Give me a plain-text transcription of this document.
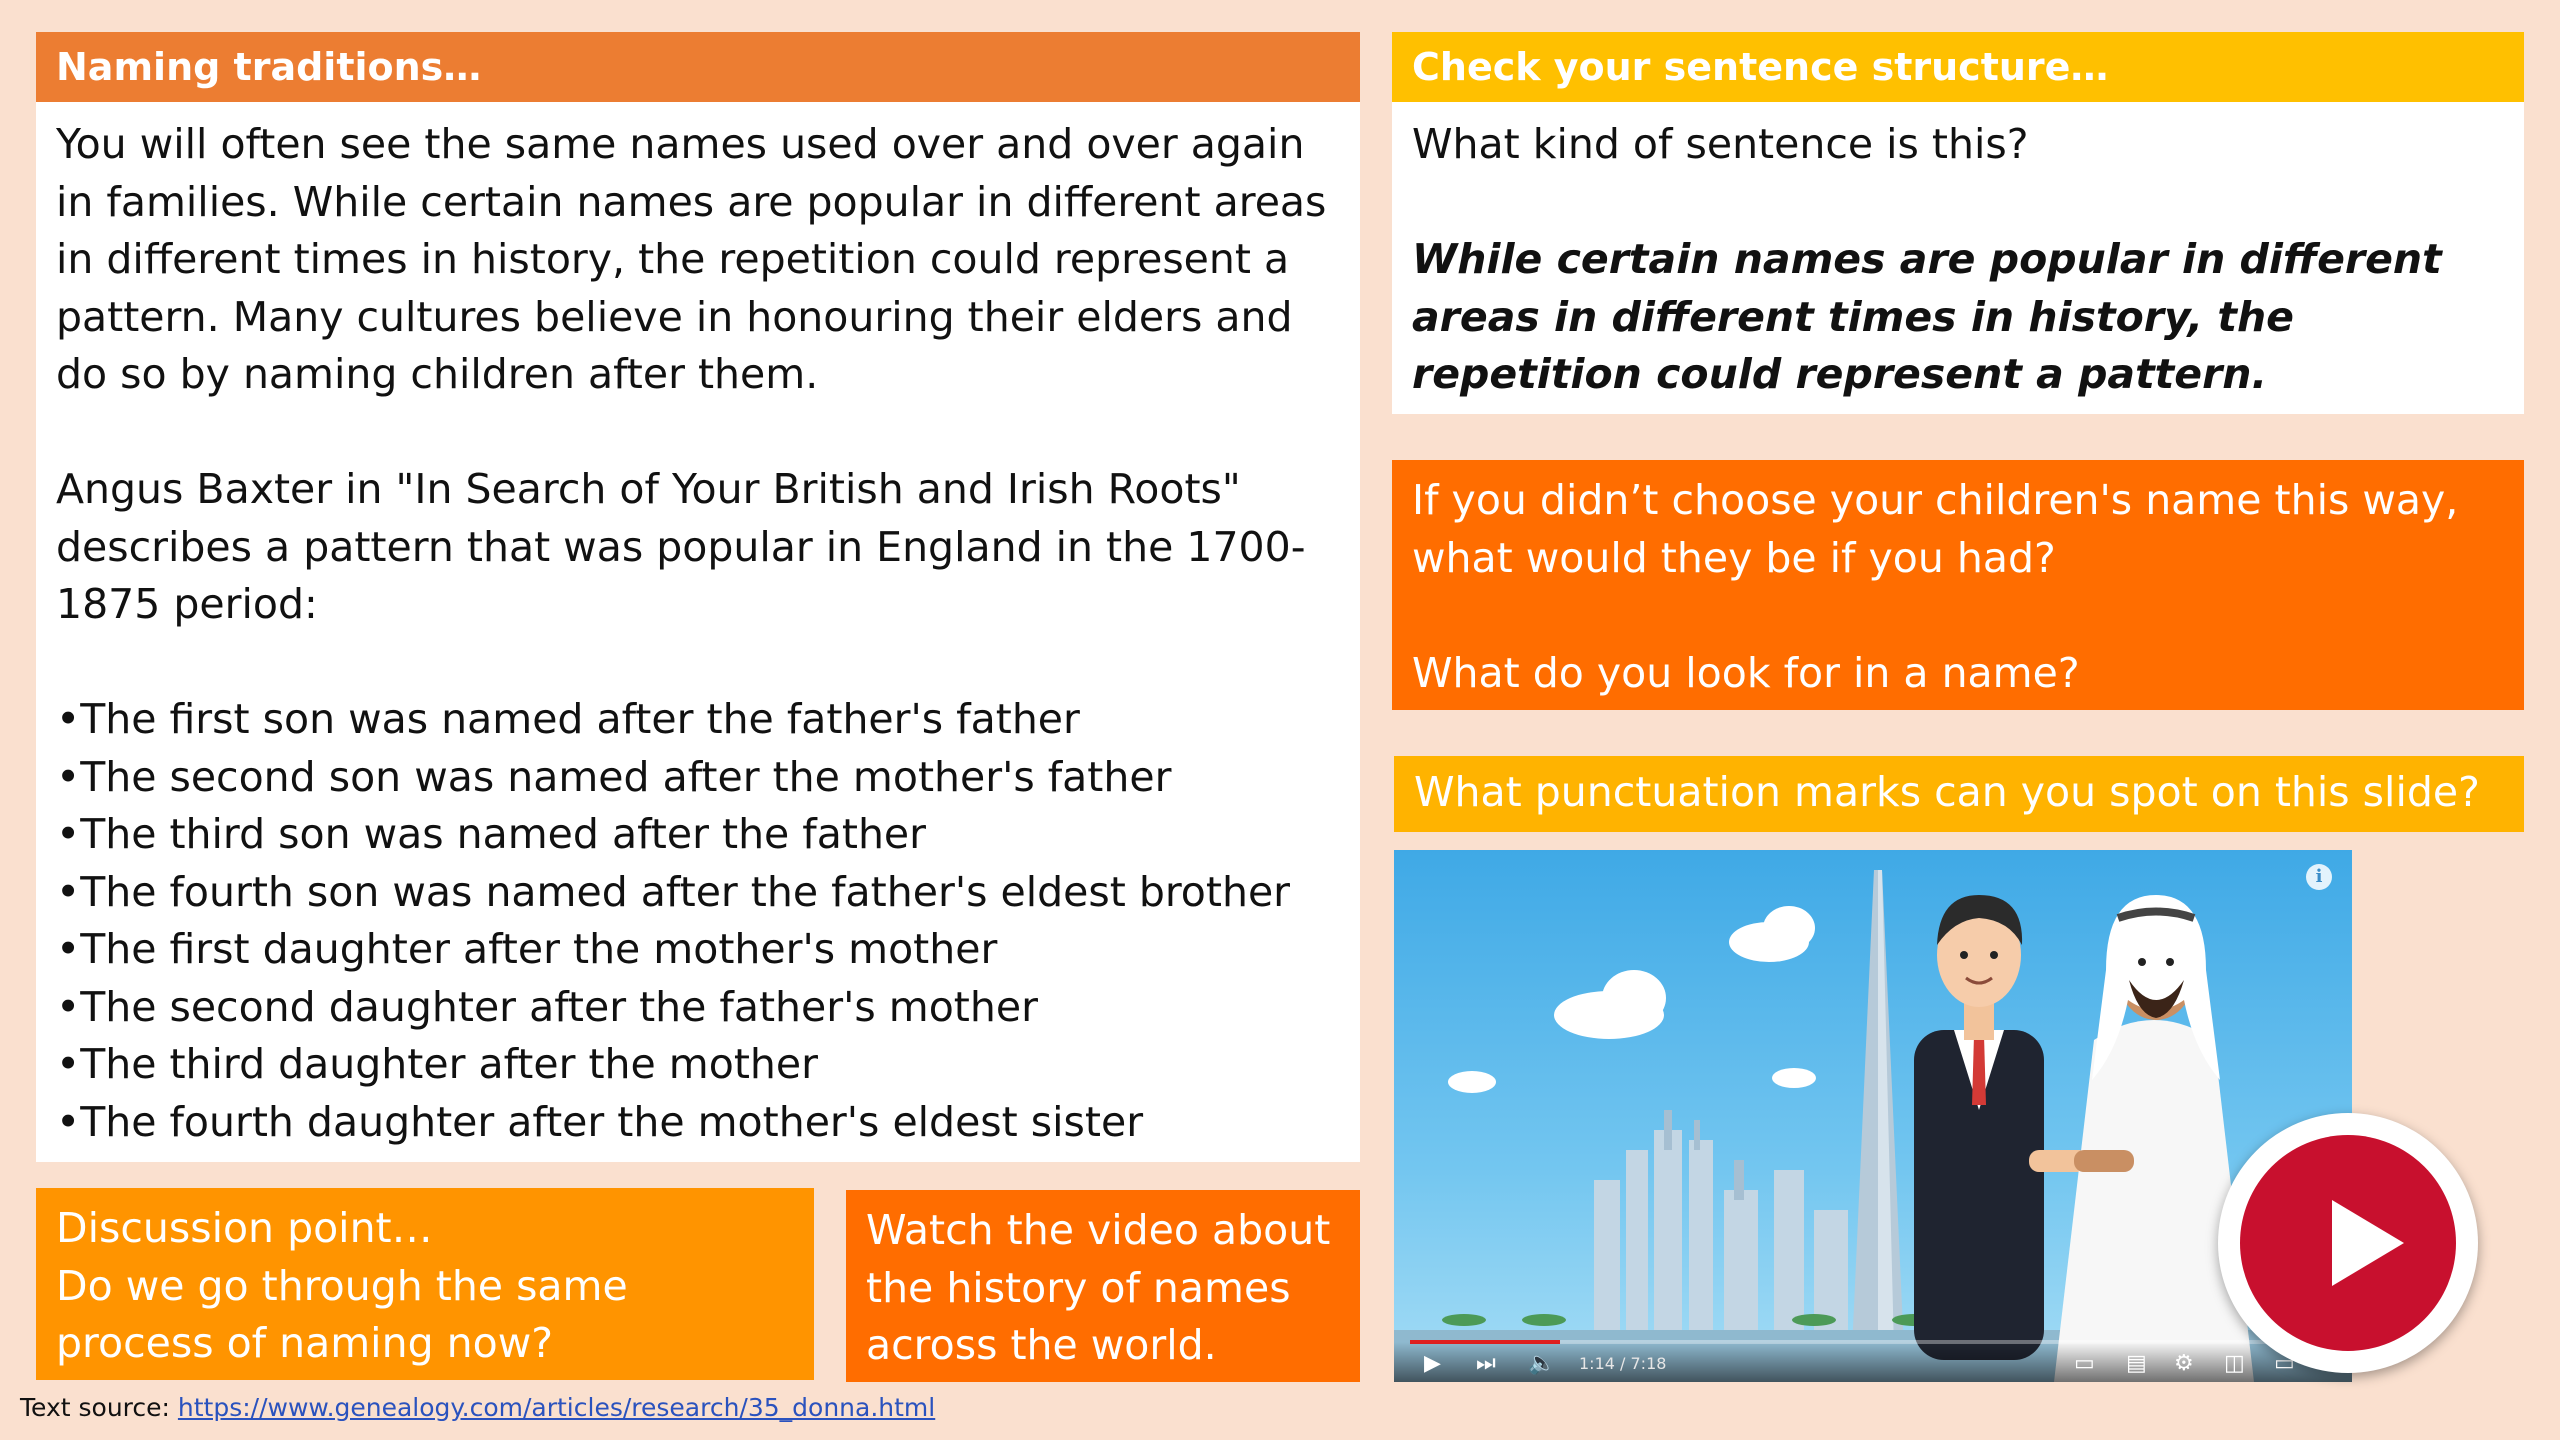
Naming traditions…

You will often see the same names used over and over again in families. While certain names are popular in different areas in different times in history, the repetition could represent a pattern. Many cultures believe in honouring their elders and do so by naming children after them.

Angus Baxter in "In Search of Your British and Irish Roots" describes a pattern that was popular in England in the 1700-1875 period:

• The first son was named after the father's father
• The second son was named after the mother's father
• The third son was named after the father
• The fourth son was named after the father's eldest brother
• The first daughter after the mother's mother
• The second daughter after the father's mother
• The third daughter after the mother
• The fourth daughter after the mother's eldest sister

Discussion point…

Do we go through the same process of naming now?

Watch the video about the history of names across the world.

Check your sentence structure…

What kind of sentence is this?

While certain names are popular in different areas in different times in history, the repetition could represent a pattern.

If you didn’t choose your children's name this way, what would they be if you had?

What do you look for in a name?

What punctuation marks can you spot on this slide?

i
▶ ⏭ 🔈 1:14 / 7:18	▭ ▤ ⚙ ◫ ▭
Text source: https://www.genealogy.com/articles/research/35_donna.html
